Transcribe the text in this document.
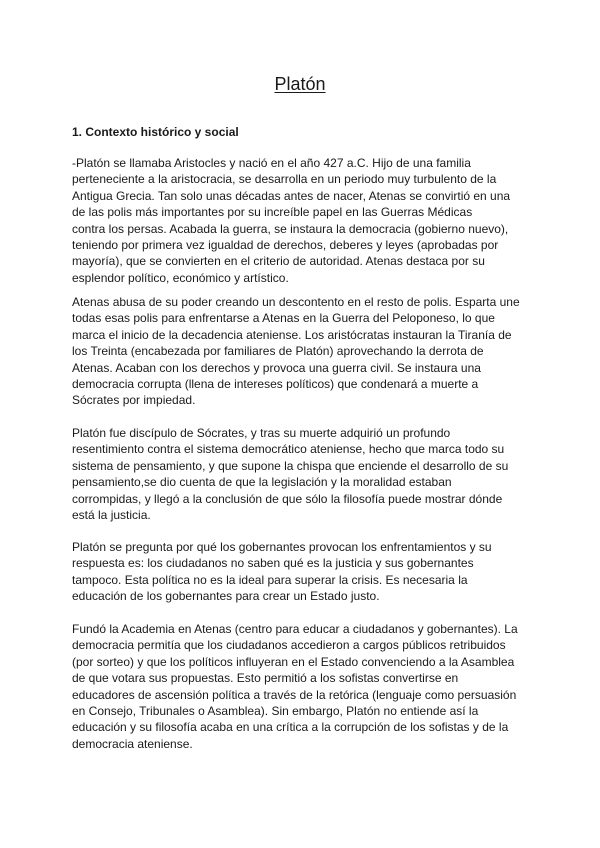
Platón
1. Contexto histórico y social
-Platón se llamaba Aristocles y nació en el año 427 a.C. Hijo de una familia
perteneciente a la aristocracia, se desarrolla en un periodo muy turbulento de la
Antigua Grecia. Tan solo unas décadas antes de nacer, Atenas se convirtió en una
de las polis más importantes por su increíble papel en las Guerras Médicas
contra los persas. Acabada la guerra, se instaura la democracia (gobierno nuevo),
teniendo por primera vez igualdad de derechos, deberes y leyes (aprobadas por
mayoría), que se convierten en el criterio de autoridad. Atenas destaca por su
esplendor político, económico y artístico.
Atenas abusa de su poder creando un descontento en el resto de polis. Esparta une
todas esas polis para enfrentarse a Atenas en la Guerra del Peloponeso, lo que
marca el inicio de la decadencia ateniense. Los aristócratas instauran la Tiranía de
los Treinta (encabezada por familiares de Platón) aprovechando la derrota de
Atenas. Acaban con los derechos y provoca una guerra civil. Se instaura una
democracia corrupta (llena de intereses políticos) que condenará a muerte a
Sócrates por impiedad.
Platón fue discípulo de Sócrates, y tras su muerte adquirió un profundo
resentimiento contra el sistema democrático ateniense, hecho que marca todo su
sistema de pensamiento, y que supone la chispa que enciende el desarrollo de su
pensamiento,se dio cuenta de que la legislación y la moralidad estaban
corrompidas, y llegó a la conclusión de que sólo la filosofía puede mostrar dónde
está la justicia.
Platón se pregunta por qué los gobernantes provocan los enfrentamientos y su
respuesta es: los ciudadanos no saben qué es la justicia y sus gobernantes
tampoco. Esta política no es la ideal para superar la crisis. Es necesaria la
educación de los gobernantes para crear un Estado justo.
Fundó la Academia en Atenas (centro para educar a ciudadanos y gobernantes). La
democracia permitía que los ciudadanos accedieron a cargos públicos retribuidos
(por sorteo) y que los políticos influyeran en el Estado convenciendo a la Asamblea
de que votara sus propuestas. Esto permitió a los sofistas convertirse en
educadores de ascensión política a través de la retórica (lenguaje como persuasión
en Consejo, Tribunales o Asamblea). Sin embargo, Platón no entiende así la
educación y su filosofía acaba en una crítica a la corrupción de los sofistas y de la
democracia ateniense.
